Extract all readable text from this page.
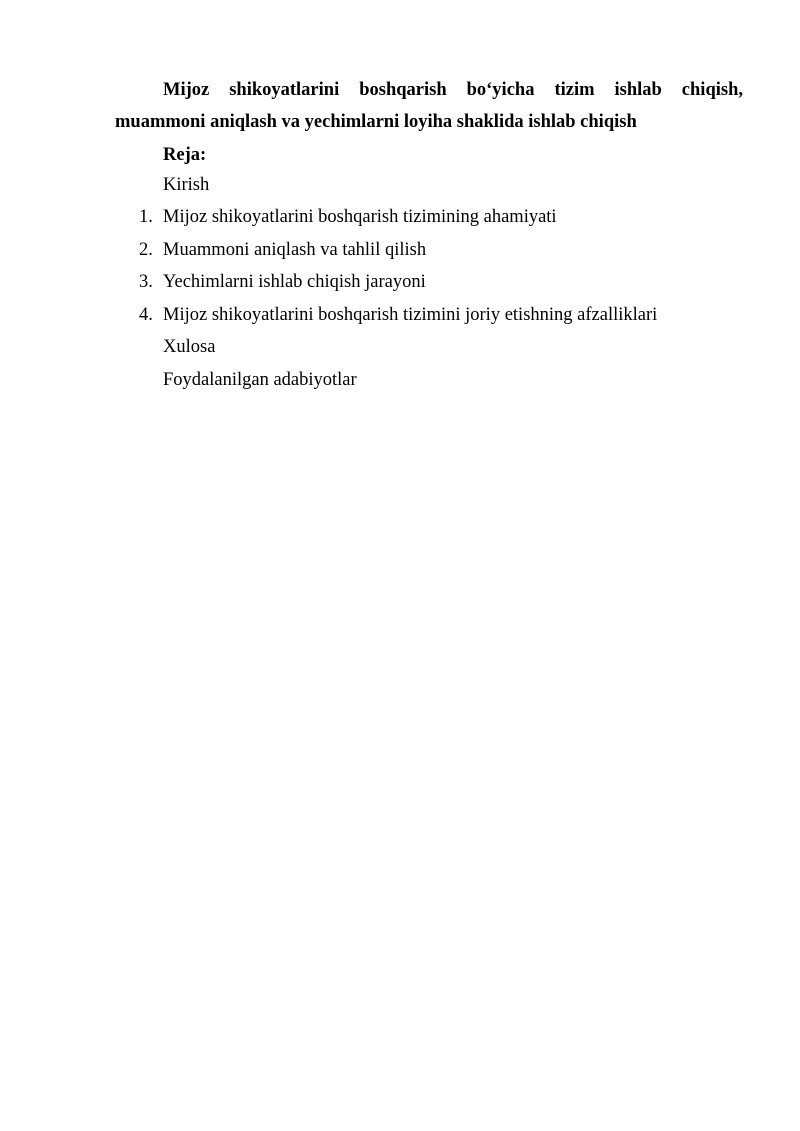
Mijoz shikoyatlarini boshqarish bo‘yicha tizim ishlab chiqish, muammoni aniqlash va yechimlarni loyiha shaklida ishlab chiqish

Reja:

Kirish
1. Mijoz shikoyatlarini boshqarish tizimining ahamiyati
2. Muammoni aniqlash va tahlil qilish
3. Yechimlarni ishlab chiqish jarayoni
4. Mijoz shikoyatlarini boshqarish tizimini joriy etishning afzalliklari
Xulosa
Foydalanilgan adabiyotlar
